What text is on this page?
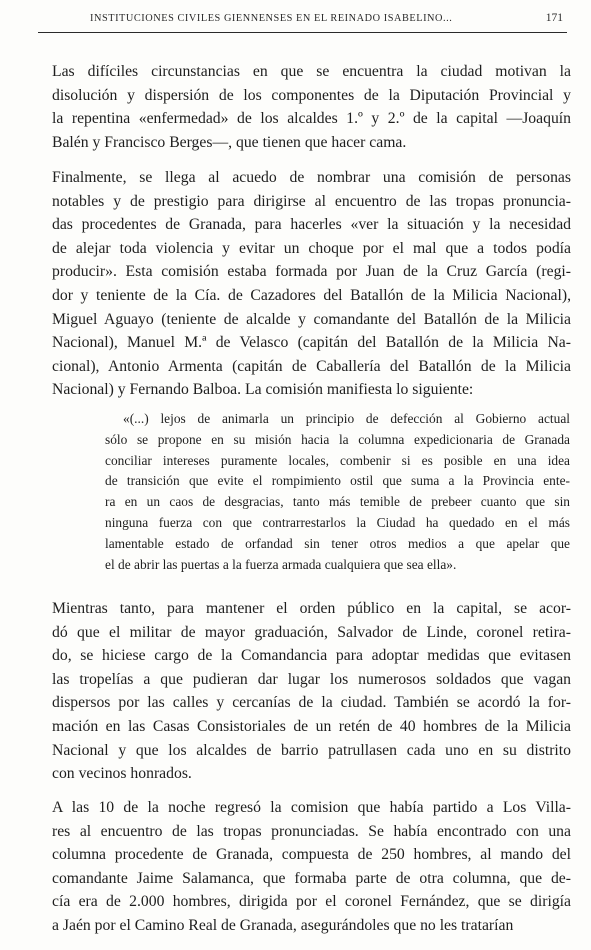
INSTITUCIONES CIVILES GIENNENSES EN EL REINADO ISABELINO...	171
Las difíciles circunstancias en que se encuentra la ciudad motivan la
disolución y dispersión de los componentes de la Diputación Provincial y
la repentina «enfermedad» de los alcaldes 1.º y 2.º de la capital —Joaquín
Balén y Francisco Berges—, que tienen que hacer cama.
Finalmente, se llega al acuedo de nombrar una comisión de personas
notables y de prestigio para dirigirse al encuentro de las tropas pronuncia-
das procedentes de Granada, para hacerles «ver la situación y la necesidad
de alejar toda violencia y evitar un choque por el mal que a todos podía
producir». Esta comisión estaba formada por Juan de la Cruz García (regi-
dor y teniente de la Cía. de Cazadores del Batallón de la Milicia Nacional),
Miguel Aguayo (teniente de alcalde y comandante del Batallón de la Milicia
Nacional), Manuel M.ª de Velasco (capitán del Batallón de la Milicia Na-
cional), Antonio Armenta (capitán de Caballería del Batallón de la Milicia
Nacional) y Fernando Balboa. La comisión manifiesta lo siguiente:
«(...) lejos de animarla un principio de defección al Gobierno actual
sólo se propone en su misión hacia la columna expedicionaria de Granada
conciliar intereses puramente locales, combenir si es posible en una idea
de transición que evite el rompimiento ostil que suma a la Provincia ente-
ra en un caos de desgracias, tanto más temible de prebeer cuanto que sin
ninguna fuerza con que contrarrestarlos la Ciudad ha quedado en el más
lamentable estado de orfandad sin tener otros medios a que apelar que
el de abrir las puertas a la fuerza armada cualquiera que sea ella».
Mientras tanto, para mantener el orden público en la capital, se acor-
dó que el militar de mayor graduación, Salvador de Linde, coronel retira-
do, se hiciese cargo de la Comandancia para adoptar medidas que evitasen
las tropelías a que pudieran dar lugar los numerosos soldados que vagan
dispersos por las calles y cercanías de la ciudad. También se acordó la for-
mación en las Casas Consistoriales de un retén de 40 hombres de la Milicia
Nacional y que los alcaldes de barrio patrullasen cada uno en su distrito
con vecinos honrados.
A las 10 de la noche regresó la comision que había partido a Los Villa-
res al encuentro de las tropas pronunciadas. Se había encontrado con una
columna procedente de Granada, compuesta de 250 hombres, al mando del
comandante Jaime Salamanca, que formaba parte de otra columna, que de-
cía era de 2.000 hombres, dirigida por el coronel Fernández, que se dirigía
a Jaén por el Camino Real de Granada, asegurándoles que no les tratarían
